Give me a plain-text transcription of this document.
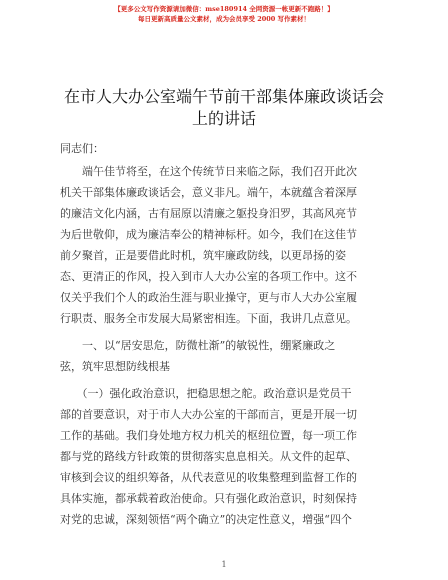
【更多公文写作资源请加微信：mse180914 全网资源一帐更新不跑路！】
每日更新高质量公文素材，成为会员享受 2000 写作素材！
在市人大办公室端午节前干部集体廉政谈话会
上的讲话
同志们：
　　端午佳节将至，在这个传统节日来临之际，我们召开此次
机关干部集体廉政谈话会，意义非凡。端午，本就蕴含着深厚
的廉洁文化内涵，古有屈原以清廉之躯投身汨罗，其高风亮节
为后世敬仰，成为廉洁奉公的精神标杆。如今，我们在这佳节
前夕聚首，正是要借此时机，筑牢廉政防线，以更昂扬的姿
态、更清正的作风，投入到市人大办公室的各项工作中。这不
仅关乎我们个人的政治生涯与职业操守，更与市人大办公室履
行职责、服务全市发展大局紧密相连。下面，我讲几点意见。
　　一、以“居安思危，防微杜渐”的敏锐性，绷紧廉政之
弦，筑牢思想防线根基
　　（一）强化政治意识，把稳思想之舵。政治意识是党员干
部的首要意识，对于市人大办公室的干部而言，更是开展一切
工作的基础。我们身处地方权力机关的枢纽位置，每一项工作
都与党的路线方针政策的贯彻落实息息相关。从文件的起草、
审核到会议的组织筹备，从代表意见的收集整理到监督工作的
具体实施，都承载着政治使命。只有强化政治意识，时刻保持
对党的忠诚，深刻领悟“两个确立”的决定性意义，增强“四个
1
